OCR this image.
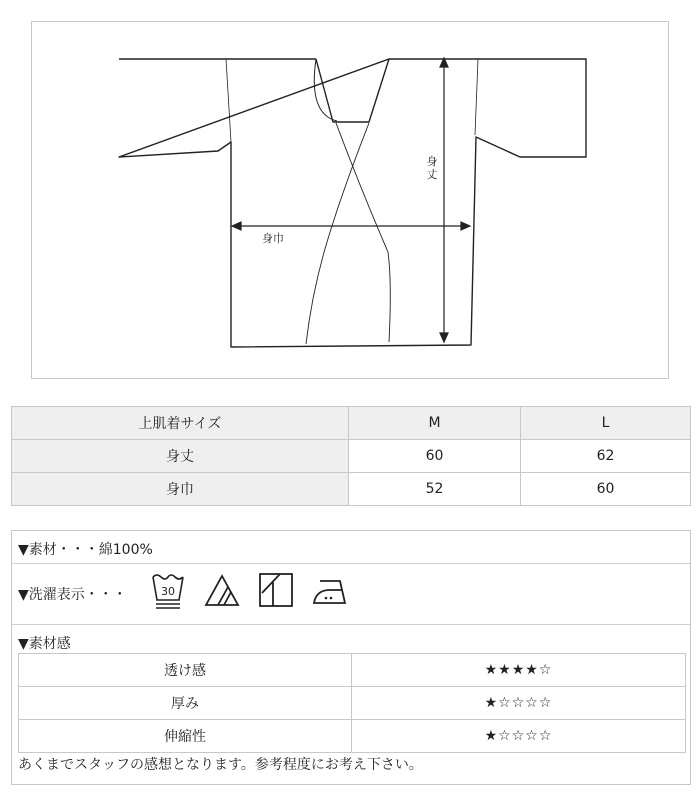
身
丈
身巾
上肌着サイズ	M	L
身丈	60	62
身巾	52	60
▼素材・・・綿100%
▼洗濯表示・・・	30
▼素材感
透け感	★★★★☆
厚み	★☆☆☆☆
伸縮性	★☆☆☆☆
あくまでスタッフの感想となります。参考程度にお考え下さい。
